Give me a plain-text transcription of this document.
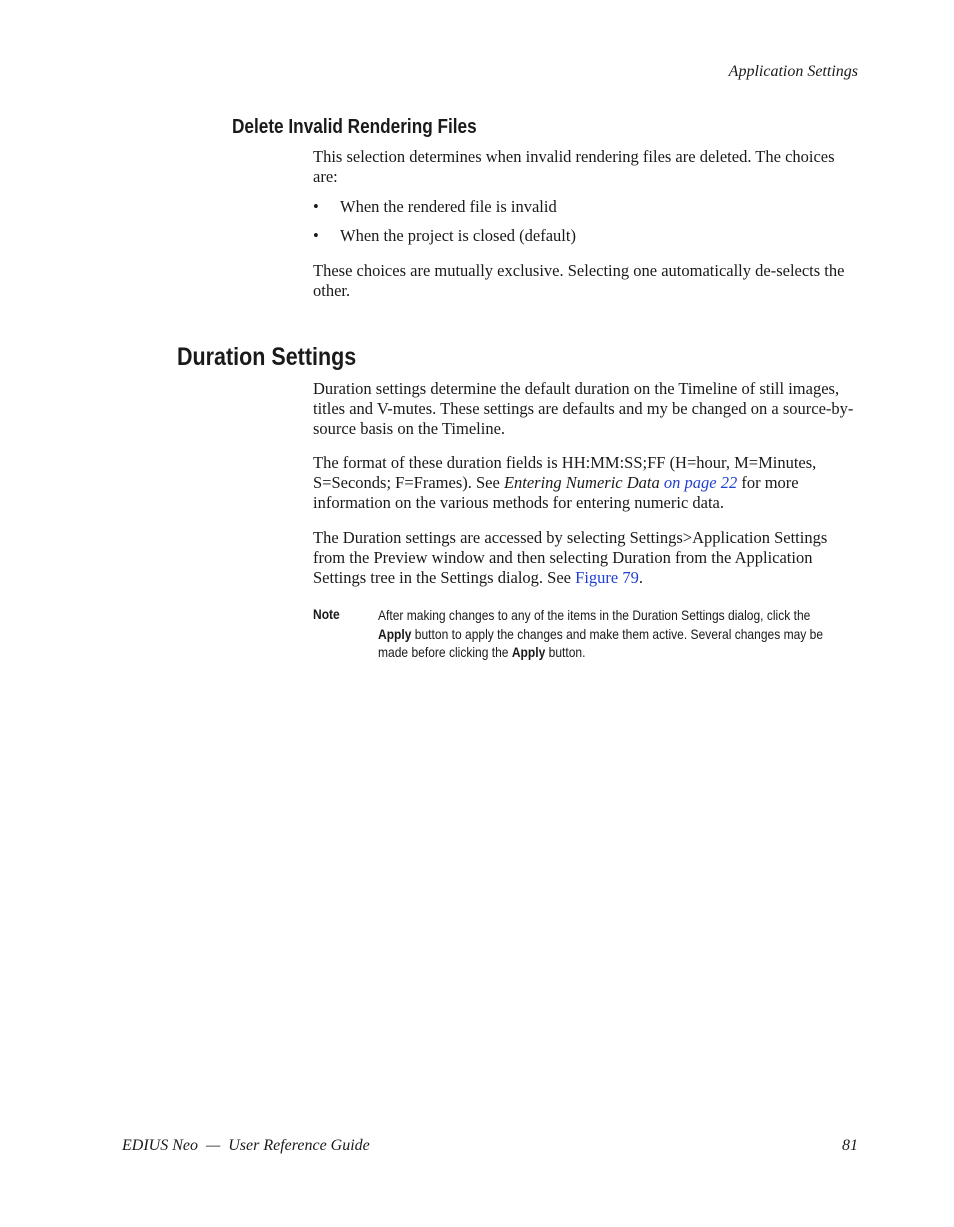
Application Settings
Delete Invalid Rendering Files

This selection determines when invalid rendering files are deleted. The choices are:

• When the rendered file is invalid
• When the project is closed (default)

These choices are mutually exclusive. Selecting one automatically de-selects the other.

Duration Settings

Duration settings determine the default duration on the Timeline of still images, titles and V-mutes. These settings are defaults and my be changed on a source-by-source basis on the Timeline.

The format of these duration fields is HH:MM:SS;FF (H=hour, M=Minutes, S=Seconds; F=Frames). See Entering Numeric Data on page 22 for more information on the various methods for entering numeric data.

The Duration settings are accessed by selecting Settings>Application Settings from the Preview window and then selecting Duration from the Application Settings tree in the Settings dialog. See Figure 79.

Note	After making changes to any of the items in the Duration Settings dialog, click the Apply button to apply the changes and make them active. Several changes may be made before clicking the Apply button.
EDIUS Neo  —  User Reference Guide	81
